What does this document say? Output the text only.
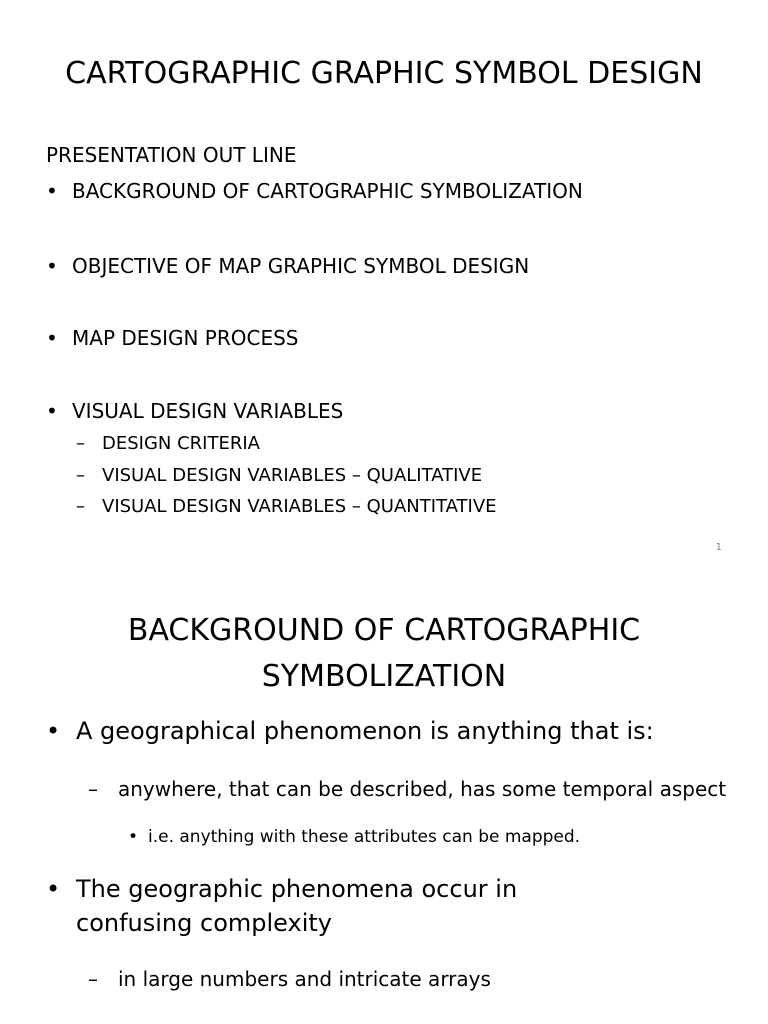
CARTOGRAPHIC GRAPHIC SYMBOL DESIGN

PRESENTATION OUT LINE

• BACKGROUND OF CARTOGRAPHIC SYMBOLIZATION

• OBJECTIVE OF MAP GRAPHIC SYMBOL DESIGN

• MAP DESIGN PROCESS

• VISUAL DESIGN VARIABLES

– DESIGN CRITERIA

– VISUAL DESIGN VARIABLES – QUALITATIVE

– VISUAL DESIGN VARIABLES – QUANTITATIVE

1
BACKGROUND OF CARTOGRAPHIC SYMBOLIZATION
• A geographical phenomenon is anything that is:

– anywhere, that can be described, has some temporal aspect

• i.e. anything with these attributes can be mapped.

• The geographic phenomena occur in confusing complexity

– in large numbers and intricate arrays
